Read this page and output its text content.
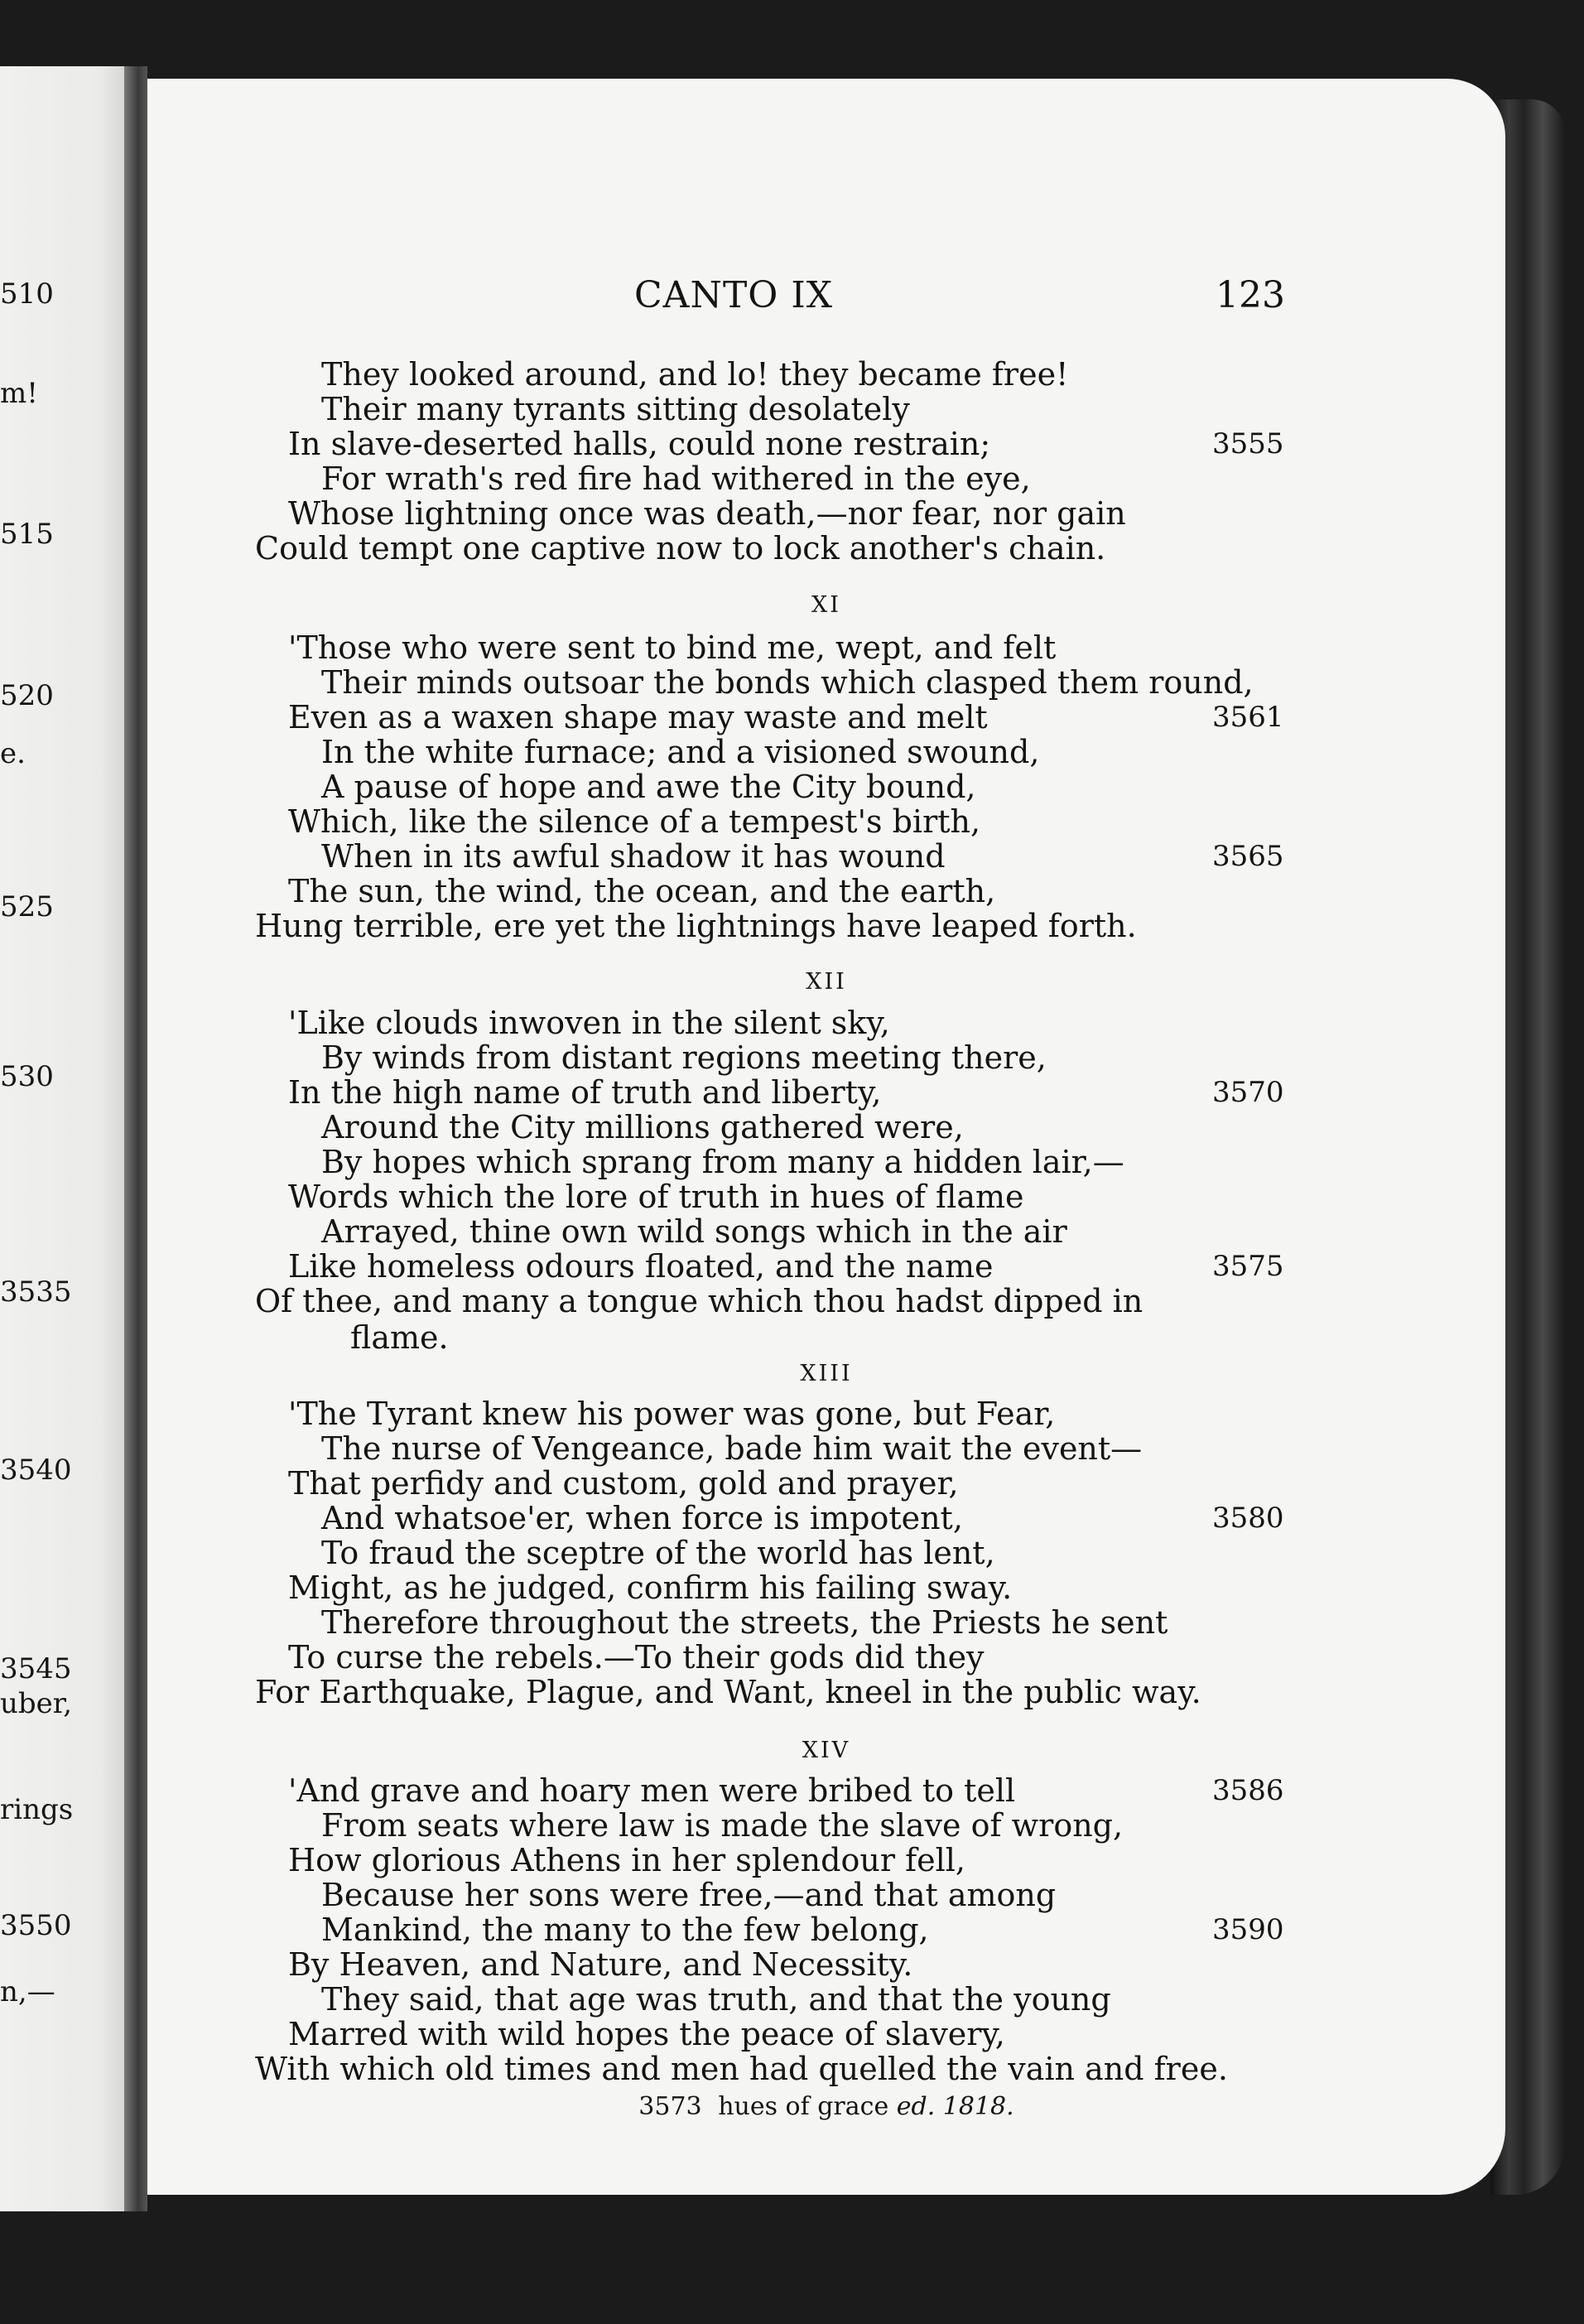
510
m!
515
520
e.
525
530
3535
3540
3545
uber,
rings
3550
n,—
CANTO IX	123
They looked around, and lo! they became free!
Their many tyrants sitting desolately
In slave-deserted halls, could none restrain;	3555
For wrath's red fire had withered in the eye,
Whose lightning once was death,—nor fear, nor gain
Could tempt one captive now to lock another's chain.
XI
'Those who were sent to bind me, wept, and felt
Their minds outsoar the bonds which clasped them round,
Even as a waxen shape may waste and melt	3561
In the white furnace; and a visioned swound,
A pause of hope and awe the City bound,
Which, like the silence of a tempest's birth,
When in its awful shadow it has wound	3565
The sun, the wind, the ocean, and the earth,
Hung terrible, ere yet the lightnings have leaped forth.
XII
'Like clouds inwoven in the silent sky,
By winds from distant regions meeting there,
In the high name of truth and liberty,	3570
Around the City millions gathered were,
By hopes which sprang from many a hidden lair,—
Words which the lore of truth in hues of flame
Arrayed, thine own wild songs which in the air
Like homeless odours floated, and the name	3575
Of thee, and many a tongue which thou hadst dipped in
flame.
XIII
'The Tyrant knew his power was gone, but Fear,
The nurse of Vengeance, bade him wait the event—
That perfidy and custom, gold and prayer,
And whatsoe'er, when force is impotent,	3580
To fraud the sceptre of the world has lent,
Might, as he judged, confirm his failing sway.
Therefore throughout the streets, the Priests he sent
To curse the rebels.—To their gods did they
For Earthquake, Plague, and Want, kneel in the public way.
XIV
'And grave and hoary men were bribed to tell	3586
From seats where law is made the slave of wrong,
How glorious Athens in her splendour fell,
Because her sons were free,—and that among
Mankind, the many to the few belong,	3590
By Heaven, and Nature, and Necessity.
They said, that age was truth, and that the young
Marred with wild hopes the peace of slavery,
With which old times and men had quelled the vain and free.
3573 hues of grace ed. 1818.
